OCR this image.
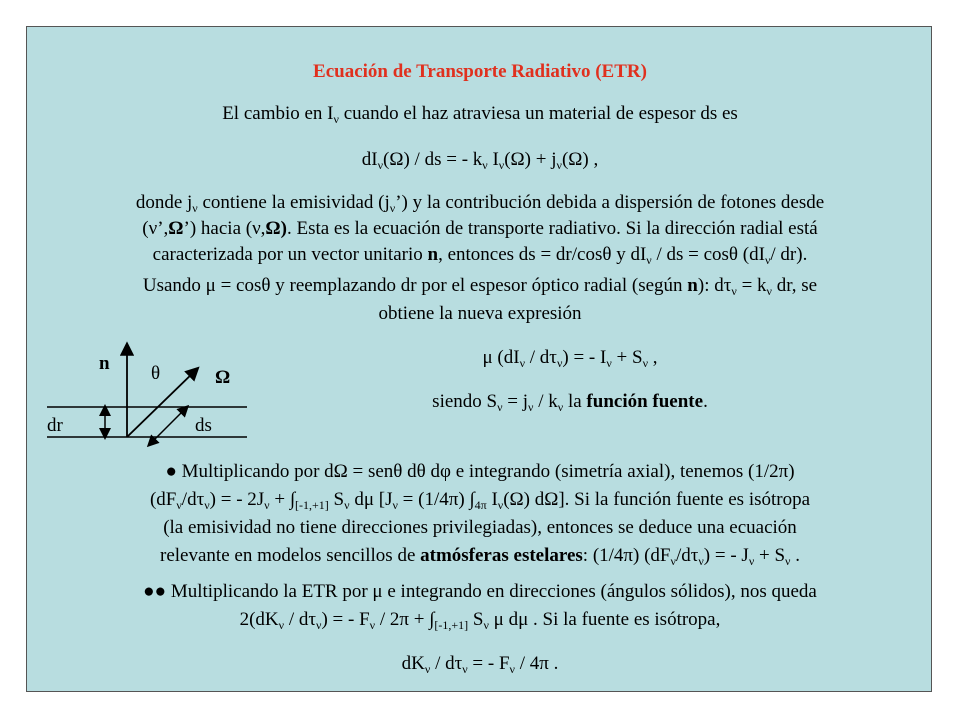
Ecuación de Transporte Radiativo (ETR)
El cambio en $I_\nu$ cuando el haz atraviesa un material de espesor ds es
$dI_\nu(\Omega)$ / ds = - $k_\nu$ $I_\nu(\Omega) + j_\nu(\Omega)$ ,
donde $j_\nu$ contiene la emisividad $(j_\nu’)$ y la contribución debida a dispersión de fotones desde
(ν’,Ω’) hacia (ν,Ω). Esta es la ecuación de transporte radiativo. Si la dirección radial está
caracterizada por un vector unitario n, entonces ds = dr/cosθ y $dI_\nu$ / ds = cosθ ($dI_\nu/$ dr).
Usando μ = cosθ y reemplazando dr por el espesor óptico radial (según n): $d\tau_\nu = k_\nu$ dr, se
obtiene la nueva expresión
μ $(dI_\nu / d\tau_\nu)$ = - $I_\nu + S_\nu$ ,
siendo $S_\nu = j_\nu / k_\nu$ la función fuente.
n θ	Ω
dr	ds
● Multiplicando por dΩ = senθ dθ dφ e integrando (simetría axial), tenemos (1/2π)
$(dF_\nu/d\tau_\nu)$ = - $2J_\nu + \int_{[-1,+1]}$ $S_\nu$ dμ [$J_\nu = (1/4\pi)$ $\int_{4\pi}$ $I_\nu(\Omega)$ dΩ]. Si la función fuente es isótropa
(la emisividad no tiene direcciones privilegiadas), entonces se deduce una ecuación
relevante en modelos sencillos de atmósferas estelares: (1/4π) $(dF_\nu/d\tau_\nu)$ = - $J_\nu + S_\nu$ .
●● Multiplicando la ETR por μ e integrando en direcciones (ángulos sólidos), nos queda
$2(dK_\nu / d\tau_\nu)$ = - $F_\nu / 2\pi + \int_{[-1,+1]}$ $S_\nu$ μ dμ . Si la fuente es isótropa,
$dK_\nu / d\tau_\nu$ = - $F_\nu / 4\pi$ .
